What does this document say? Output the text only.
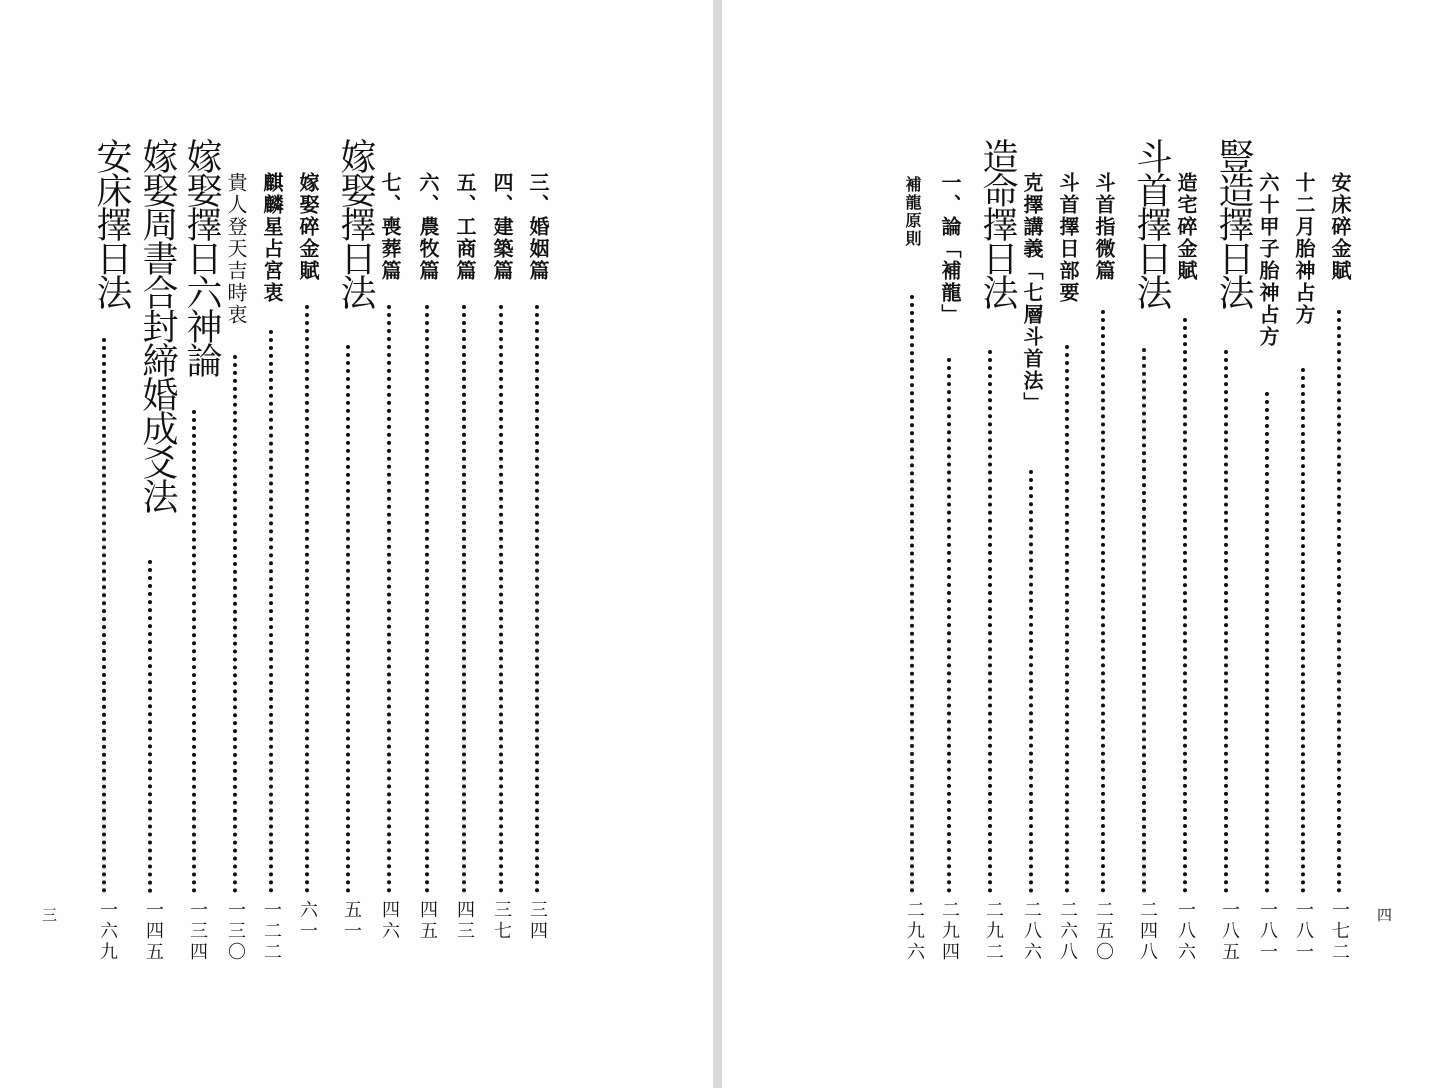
三
三、婚姻篇
三四
四、建築篇
三七
五、工商篇
四三
六、農牧篇
四五
七、喪葬篇
四六
嫁娶擇日法
五一
嫁娶碎金賦
六一
麒麟星占宮衷
一二二
貴人登天吉時衷
一三〇
嫁娶擇日六神論
一三四
嫁娶周書合封締婚成爻法
一四五
安床擇日法
一六九	四
安床碎金賦
一七二
十二月胎神占方
一八一
六十甲子胎神占方
一八一
豎造擇日法
一八五
造宅碎金賦
一八六
斗首擇日法
二四八
斗首指微篇
二五〇
斗首擇日部要
二六八
克擇講義「七層斗首法」
二八六
造命擇日法
二九二
一、論「補龍」
二九四
補龍原則
二九六
